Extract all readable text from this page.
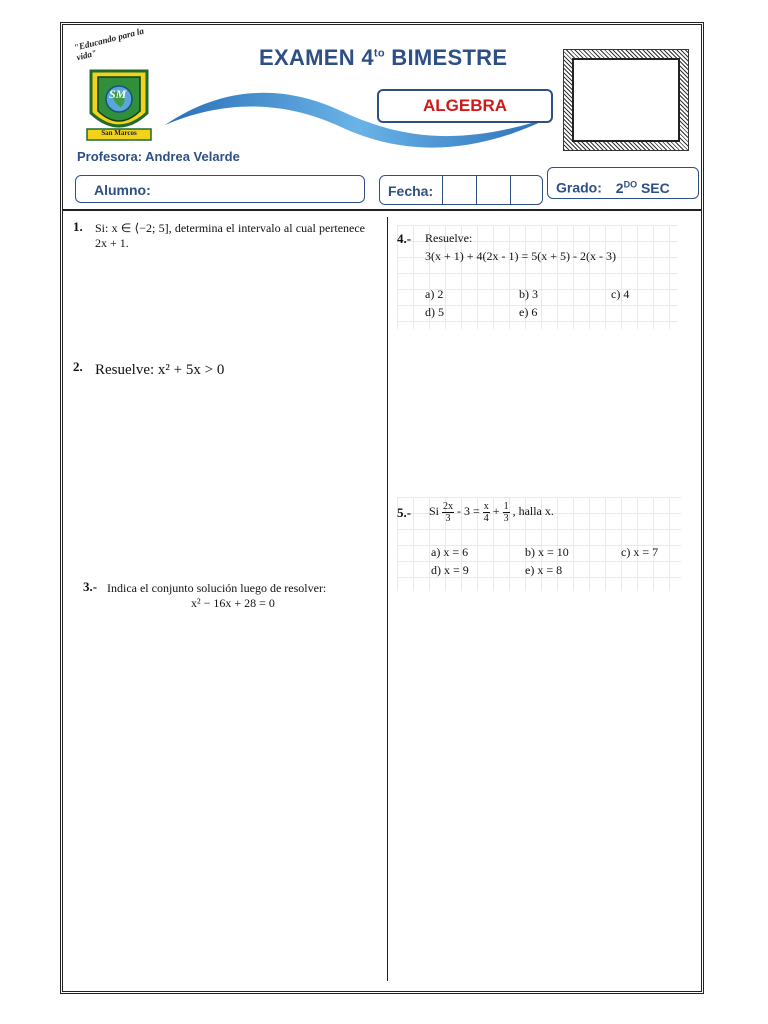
"Educando para la vida"
SM
San Marcos
EXAMEN $4^{to}$ BIMESTRE
ALGEBRA
Profesora: Andrea Velarde
Alumno:	Fecha:	Grado: $2^{DO}$ SEC
1. Si: x ∈ ⟨−2; 5], determina el intervalo al cual pertenece 2x + 1.
2. Resuelve: x² + 5x > 0
3.- Indica el conjunto solución luego de resolver:
x² − 16x + 28 = 0
4.- Resuelve:
3(x + 1) + 4(2x - 1) = 5(x + 5) - 2(x - 3)
a) 2	b) 3	c) 4
d) 5	e) 6
5.- Si $\frac{2x}{3} - 3 = \frac{x}{4} + \frac{1}{3}$ , halla x.
a) x = 6	b) x = 10	c) x = 7
d) x = 9	e) x = 8
